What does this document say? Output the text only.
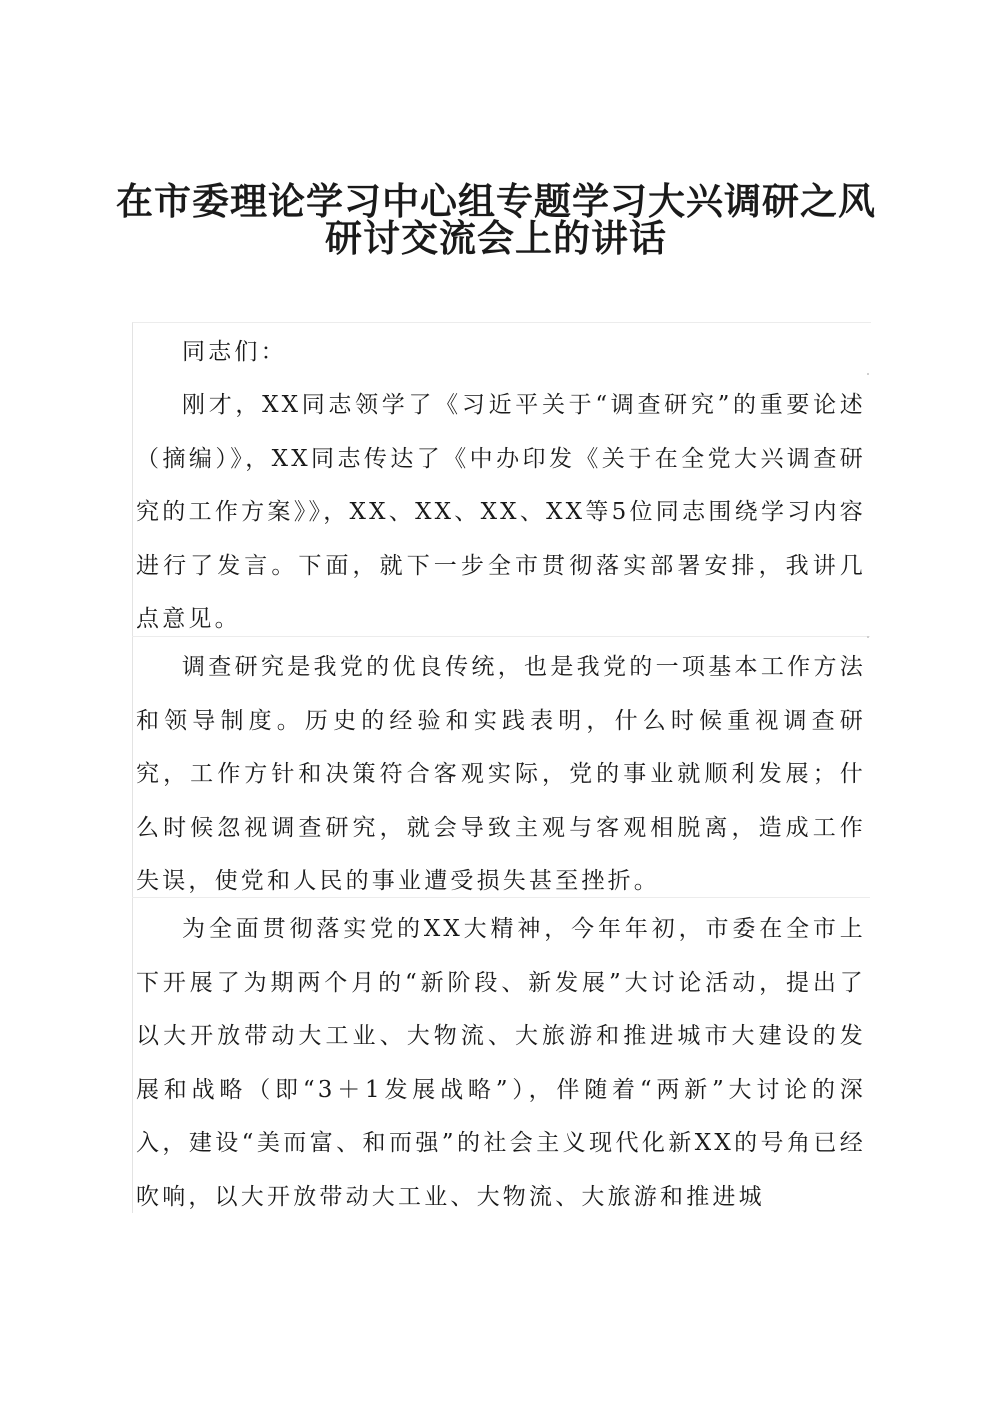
在市委理论学习中心组专题学习大兴调研之风
研讨交流会上的讲话

同志们：

刚才，XX同志领学了《习近平关于“调查研究”的重要论述（摘编）》，XX同志传达了《中办印发《关于在全党大兴调查研究的工作方案》》，XX、XX、XX、XX等5位同志围绕学习内容进行了发言。下面，就下一步全市贯彻落实部署安排，我讲几点意见。

调查研究是我党的优良传统，也是我党的一项基本工作方法和领导制度。历史的经验和实践表明，什么时候重视调查研究，工作方针和决策符合客观实际，党的事业就顺利发展；什么时候忽视调查研究，就会导致主观与客观相脱离，造成工作失误，使党和人民的事业遭受损失甚至挫折。

为全面贯彻落实党的XX大精神，今年年初，市委在全市上下开展了为期两个月的“新阶段、新发展”大讨论活动，提出了以大开放带动大工业、大物流、大旅游和推进城市大建设的发展和战略（即“3＋1发展战略”），伴随着“两新”大讨论的深入，建设“美而富、和而强”的社会主义现代化新XX的号角已经吹响，以大开放带动大工业、大物流、大旅游和推进城
